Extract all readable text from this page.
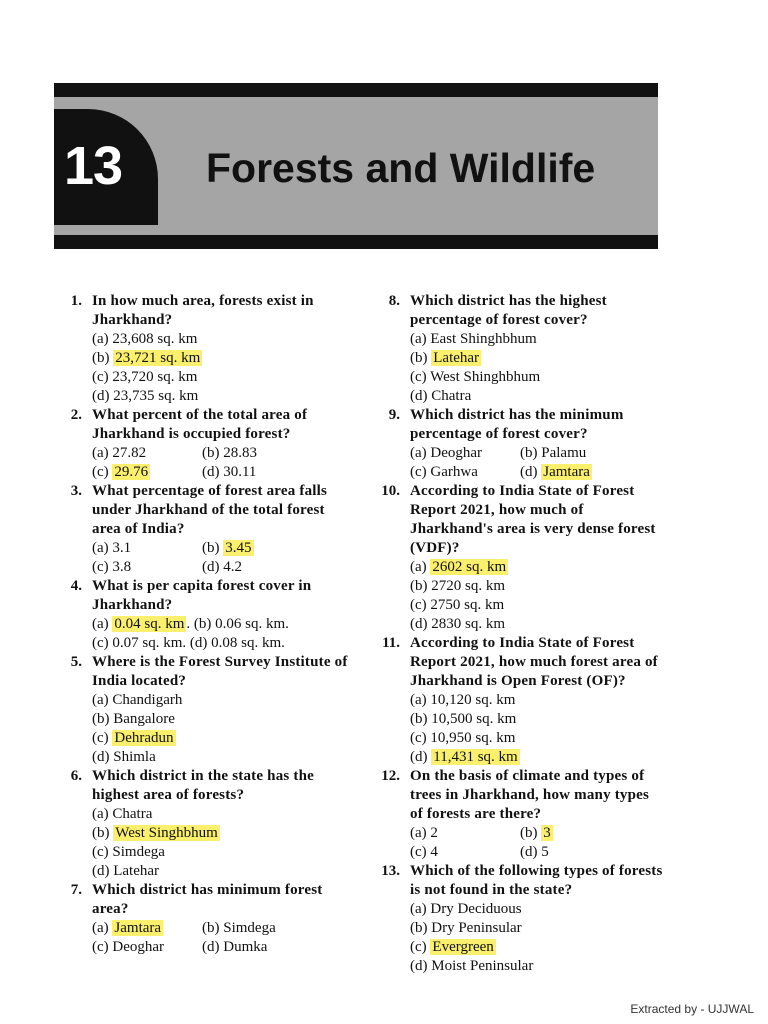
13 Forests and Wildlife
1. In how much area, forests exist in Jharkhand?
(a) 23,608 sq. km
(b) 23,721 sq. km
(c) 23,720 sq. km
(d) 23,735 sq. km
2. What percent of the total area of Jharkhand is occupied forest?
(a) 27.82	(b) 28.83
(c) 29.76	(d) 30.11
3. What percentage of forest area falls under Jharkhand of the total forest area of India?
(a) 3.1	(b) 3.45
(c) 3.8	(d) 4.2
4. What is per capita forest cover in Jharkhand?
(a) 0.04 sq. km . (b) 0.06 sq. km.
(c) 0.07 sq. km. (d) 0.08 sq. km.
5. Where is the Forest Survey Institute of India located?
(a) Chandigarh
(b) Bangalore
(c) Dehradun
(d) Shimla
6. Which district in the state has the highest area of forests?
(a) Chatra
(b) West Singhbhum
(c) Simdega
(d) Latehar
7. Which district has minimum forest area?
(a) Jamtara	(b) Simdega
(c) Deoghar	(d) Dumka
8. Which district has the highest percentage of forest cover?
(a) East Shinghbhum
(b) Latehar
(c) West Shinghbhum
(d) Chatra
9. Which district has the minimum percentage of forest cover?
(a) Deoghar	(b) Palamu
(c) Garhwa	(d) Jamtara
10. According to India State of Forest Report 2021, how much of Jharkhand's area is very dense forest (VDF)?
(a) 2602 sq. km
(b) 2720 sq. km
(c) 2750 sq. km
(d) 2830 sq. km
11. According to India State of Forest Report 2021, how much forest area of Jharkhand is Open Forest (OF)?
(a) 10,120 sq. km
(b) 10,500 sq. km
(c) 10,950 sq. km
(d) 11,431 sq. km
12. On the basis of climate and types of trees in Jharkhand, how many types of forests are there?
(a) 2	(b) 3
(c) 4	(d) 5
13. Which of the following types of forests is not found in the state?
(a) Dry Deciduous
(b) Dry Peninsular
(c) Evergreen
(d) Moist Peninsular
Extracted by - UJJWAL
